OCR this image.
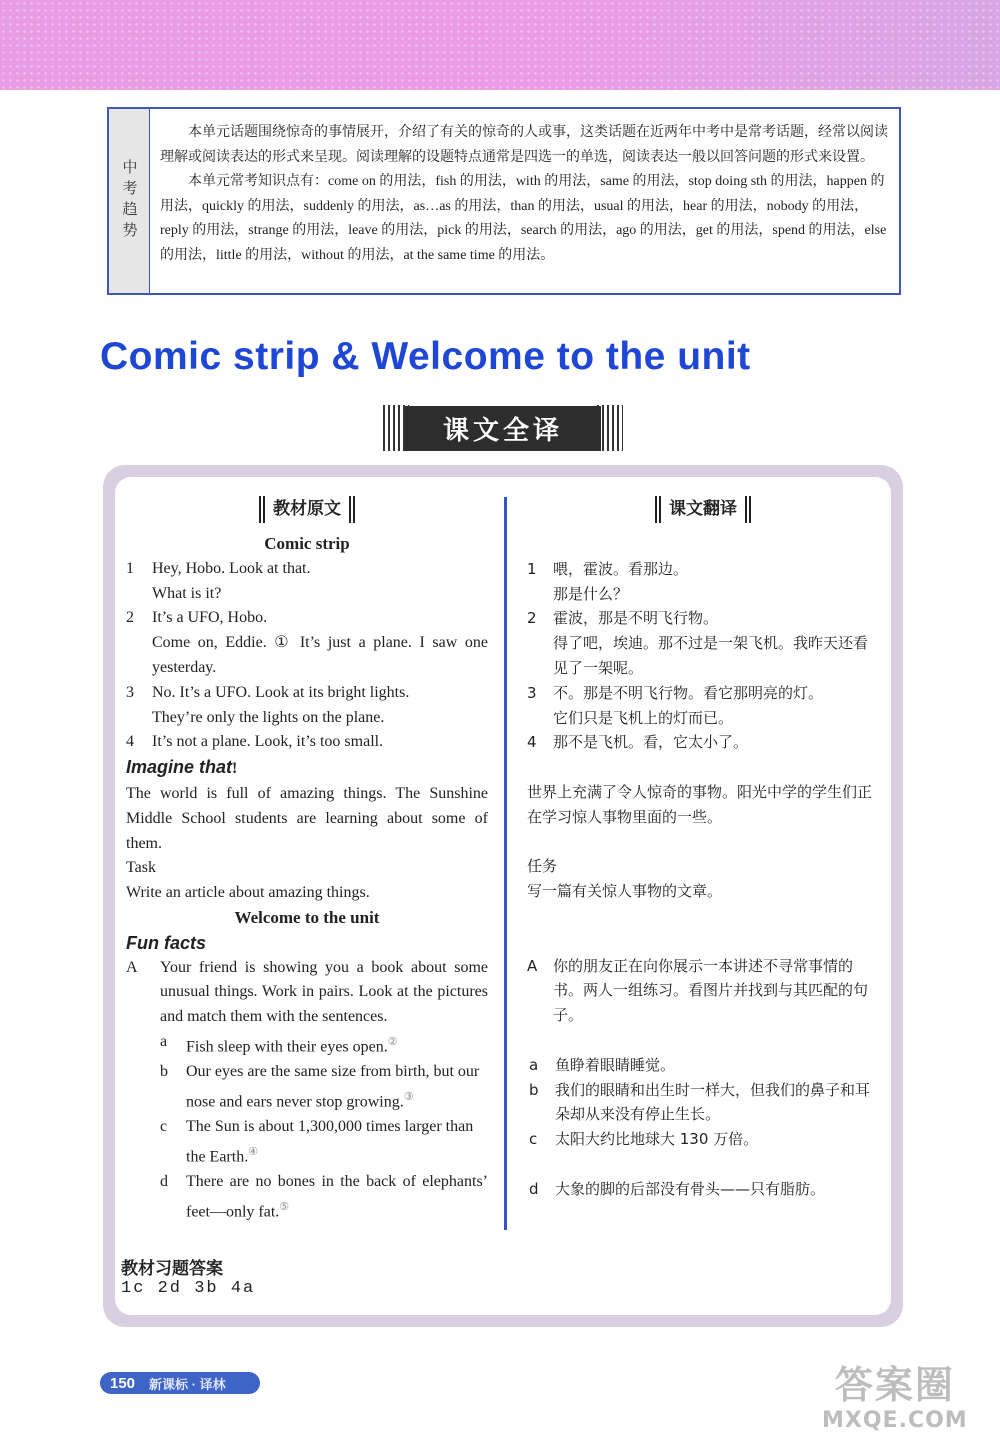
中考趋势

本单元话题围绕惊奇的事情展开，介绍了有关的惊奇的人或事，这类话题在近两年中考中是常考话题，经常以阅读理解或阅读表达的形式来呈现。阅读理解的设题特点通常是四选一的单选，阅读表达一般以回答问题的形式来设置。

本单元常考知识点有：come on 的用法，fish 的用法，with 的用法，same 的用法，stop doing sth 的用法，happen 的用法，quickly 的用法，suddenly 的用法，as…as 的用法，than 的用法，usual 的用法，hear 的用法，nobody 的用法，reply 的用法，strange 的用法，leave 的用法，pick 的用法，search 的用法，ago 的用法，get 的用法，spend 的用法，else 的用法，little 的用法，without 的用法，at the same time 的用法。

Comic strip & Welcome to the unit
课文全译
教材原文
Comic strip
1	Hey, Hobo. Look at that.
What is it?
2	It’s a UFO, Hobo.
Come on, Eddie. ① It’s just a plane. I saw one yesterday.
3	No. It’s a UFO. Look at its bright lights.
They’re only the lights on the plane.
4	It’s not a plane. Look, it’s too small.
Imagine that!
The world is full of amazing things. The Sunshine Middle School students are learning about some of them.
Task
Write an article about amazing things.
Welcome to the unit
Fun facts
A	Your friend is showing you a book about some unusual things. Work in pairs. Look at the pictures and match them with the sentences.
a	Fish sleep with their eyes open.②
b	Our eyes are the same size from birth, but our nose and ears never stop growing.③
c	The Sun is about 1,300,000 times larger than the Earth.④
d	There are no bones in the back of elephants’ feet—only fat.⑤
课文翻译
1	喂，霍波。看那边。
那是什么？
2	霍波，那是不明飞行物。
得了吧，埃迪。那不过是一架飞机。我昨天还看见了一架呢。
3	不。那是不明飞行物。看它那明亮的灯。
它们只是飞机上的灯而已。
4	那不是飞机。看，它太小了。
世界上充满了令人惊奇的事物。阳光中学的学生们正在学习惊人事物里面的一些。
任务
写一篇有关惊人事物的文章。
A	你的朋友正在向你展示一本讲述不寻常事情的书。两人一组练习。看图片并找到与其匹配的句子。
a	鱼睁着眼睛睡觉。
b	我们的眼睛和出生时一样大，但我们的鼻子和耳朵却从来没有停止生长。
c	太阳大约比地球大 130 万倍。
d	大象的脚的后部没有骨头——只有脂肪。
教材习题答案
1c 2d 3b 4a
150 新课标 · 译林	答案圈
MXQE.COM
